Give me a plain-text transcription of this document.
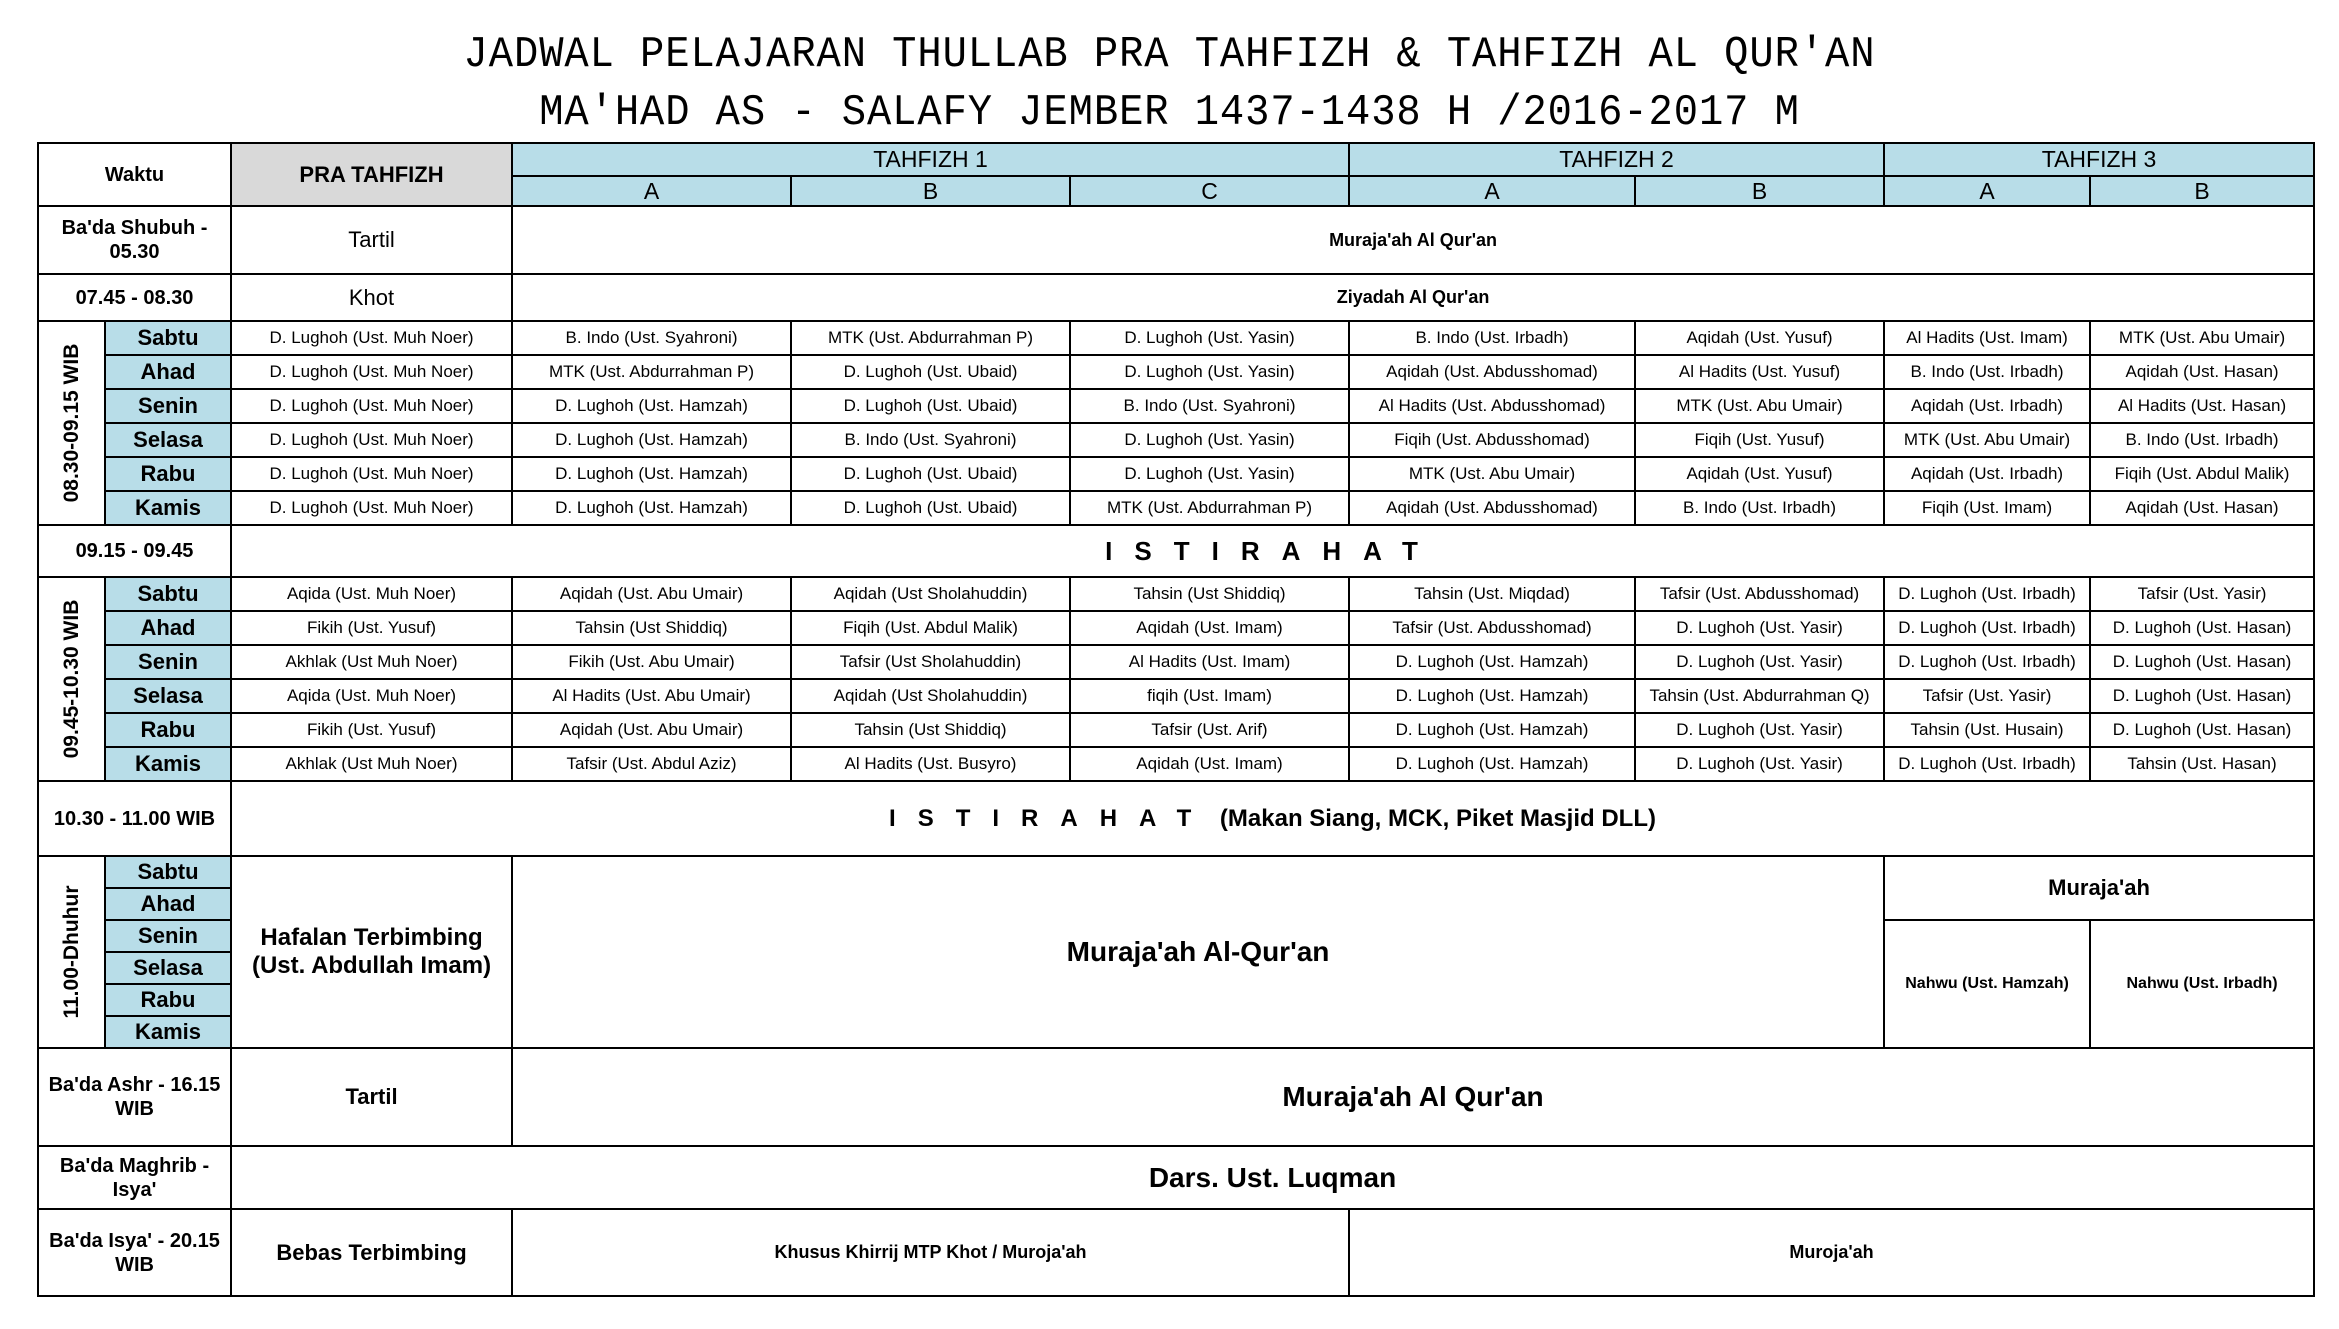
JADWAL PELAJARAN THULLAB PRA TAHFIZH & TAHFIZH AL QUR'AN
MA'HAD AS - SALAFY JEMBER 1437-1438 H /2016-2017 M
Waktu		PRA TAHFIZH	TAHFIZH 1			TAHFIZH 2		TAHFIZH 3	
			A	B	C	A	B	A	B
Ba'da Shubuh - 05.30		Tartil	Muraja'ah Al Qur'an						
07.45 - 08.30		Khot	Ziyadah Al Qur'an						

08.30-09.15 WIB	Sabtu	D. Lughoh (Ust. Muh Noer)	B. Indo (Ust. Syahroni)	MTK (Ust. Abdurrahman P)	D. Lughoh (Ust. Yasin)	B. Indo (Ust. Irbadh)	Aqidah (Ust. Yusuf)	Al Hadits (Ust. Imam)	MTK (Ust. Abu Umair)
	Ahad	D. Lughoh (Ust. Muh Noer)	MTK (Ust. Abdurrahman P)	D. Lughoh (Ust. Ubaid)	D. Lughoh (Ust. Yasin)	Aqidah (Ust. Abdusshomad)	Al Hadits (Ust. Yusuf)	B. Indo (Ust. Irbadh)	Aqidah (Ust. Hasan)
	Senin	D. Lughoh (Ust. Muh Noer)	D. Lughoh (Ust. Hamzah)	D. Lughoh (Ust. Ubaid)	B. Indo (Ust. Syahroni)	Al Hadits (Ust. Abdusshomad)	MTK (Ust. Abu Umair)	Aqidah (Ust. Irbadh)	Al Hadits (Ust. Hasan)
	Selasa	D. Lughoh (Ust. Muh Noer)	D. Lughoh (Ust. Hamzah)	B. Indo (Ust. Syahroni)	D. Lughoh (Ust. Yasin)	Fiqih (Ust. Abdusshomad)	Fiqih (Ust. Yusuf)	MTK (Ust. Abu Umair)	B. Indo (Ust. Irbadh)
	Rabu	D. Lughoh (Ust. Muh Noer)	D. Lughoh (Ust. Hamzah)	D. Lughoh (Ust. Ubaid)	D. Lughoh (Ust. Yasin)	MTK (Ust. Abu Umair)	Aqidah (Ust. Yusuf)	Aqidah (Ust. Irbadh)	Fiqih (Ust. Abdul Malik)
	Kamis	D. Lughoh (Ust. Muh Noer)	D. Lughoh (Ust. Hamzah)	D. Lughoh (Ust. Ubaid)	MTK (Ust. Abdurrahman P)	Aqidah (Ust. Abdusshomad)	B. Indo (Ust. Irbadh)	Fiqih (Ust. Imam)	Aqidah (Ust. Hasan)
09.15 - 09.45		ISTIRAHAT							

09.45-10.30 WIB	Sabtu	Aqida (Ust. Muh Noer)	Aqidah (Ust. Abu Umair)	Aqidah (Ust Sholahuddin)	Tahsin (Ust Shiddiq)	Tahsin (Ust. Miqdad)	Tafsir (Ust. Abdusshomad)	D. Lughoh (Ust. Irbadh)	Tafsir (Ust. Yasir)
	Ahad	Fikih (Ust. Yusuf)	Tahsin (Ust Shiddiq)	Fiqih (Ust. Abdul Malik)	Aqidah (Ust. Imam)	Tafsir (Ust. Abdusshomad)	D. Lughoh (Ust. Yasir)	D. Lughoh (Ust. Irbadh)	D. Lughoh (Ust. Hasan)
	Senin	Akhlak (Ust Muh Noer)	Fikih (Ust. Abu Umair)	Tafsir (Ust Sholahuddin)	Al Hadits (Ust. Imam)	D. Lughoh (Ust. Hamzah)	D. Lughoh (Ust. Yasir)	D. Lughoh (Ust. Irbadh)	D. Lughoh (Ust. Hasan)
	Selasa	Aqida (Ust. Muh Noer)	Al Hadits (Ust. Abu Umair)	Aqidah (Ust Sholahuddin)	fiqih (Ust. Imam)	D. Lughoh (Ust. Hamzah)	Tahsin (Ust. Abdurrahman Q)	Tafsir (Ust. Yasir)	D. Lughoh (Ust. Hasan)
	Rabu	Fikih (Ust. Yusuf)	Aqidah (Ust. Abu Umair)	Tahsin (Ust Shiddiq)	Tafsir (Ust. Arif)	D. Lughoh (Ust. Hamzah)	D. Lughoh (Ust. Yasir)	Tahsin (Ust. Husain)	D. Lughoh (Ust. Hasan)
	Kamis	Akhlak (Ust Muh Noer)	Tafsir (Ust. Abdul Aziz)	Al Hadits (Ust. Busyro)	Aqidah (Ust. Imam)	D. Lughoh (Ust. Hamzah)	D. Lughoh (Ust. Yasir)	D. Lughoh (Ust. Irbadh)	Tahsin (Ust. Hasan)
10.30 - 11.00 WIB		ISTIRAHAT (Makan Siang, MCK, Piket Masjid DLL)							

11.00-Dhuhur	Sabtu	Hafalan Terbimbing (Ust. Abdullah Imam)	Muraja'ah Al-Qur'an					Muraja'ah	
	Ahad								
	Senin							Nahwu (Ust. Hamzah)	Nahwu (Ust. Irbadh)
	Selasa								
	Rabu								
	Kamis								
Ba'da Ashr - 16.15 WIB		Tartil	Muraja'ah Al Qur'an						
Ba'da Maghrib - Isya'		Dars. Ust. Luqman							
Ba'da Isya' - 20.15 WIB		Bebas Terbimbing	Khusus Khirrij MTP Khot / Muroja'ah			Muroja'ah			
